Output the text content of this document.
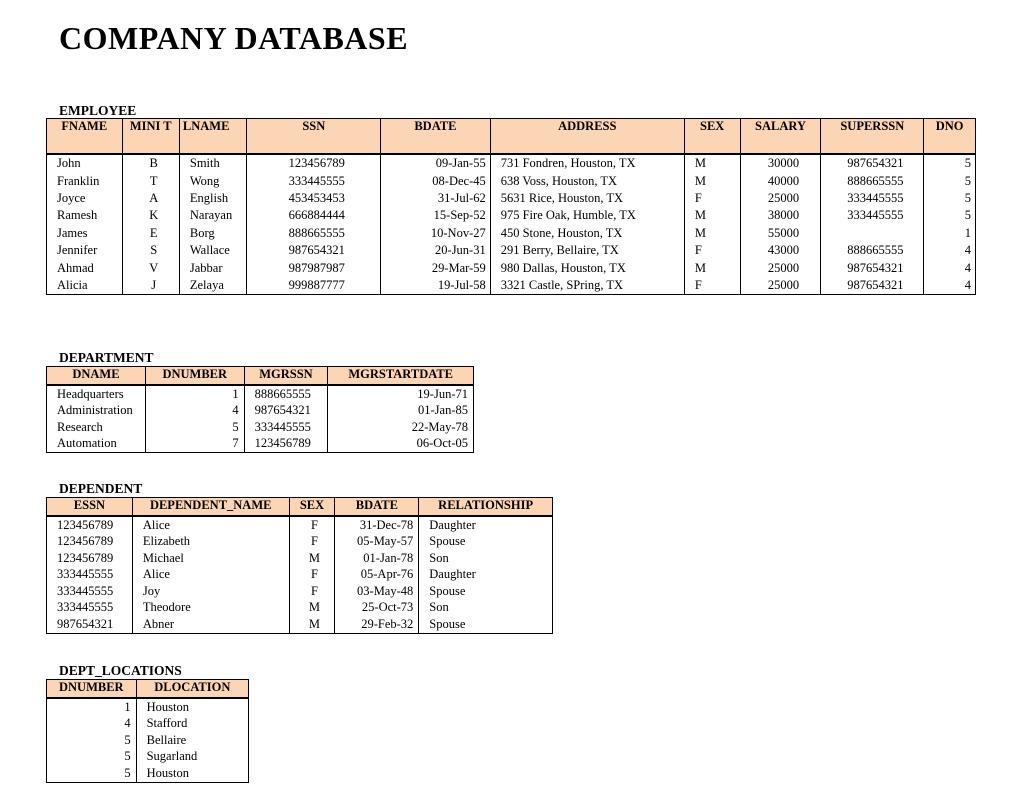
COMPANY DATABASE
EMPLOYEE
FNAME	MINI T	LNAME	SSN	BDATE	ADDRESS	SEX	SALARY	SUPERSSN	DNO
John	B	Smith	123456789	09-Jan-55	731 Fondren, Houston, TX	M	30000	987654321	5
Franklin	T	Wong	333445555	08-Dec-45	638 Voss, Houston, TX	M	40000	888665555	5
Joyce	A	English	453453453	31-Jul-62	5631 Rice, Houston, TX	F	25000	333445555	5
Ramesh	K	Narayan	666884444	15-Sep-52	975 Fire Oak, Humble, TX	M	38000	333445555	5
James	E	Borg	888665555	10-Nov-27	450 Stone, Houston, TX	M	55000		1
Jennifer	S	Wallace	987654321	20-Jun-31	291 Berry, Bellaire, TX	F	43000	888665555	4
Ahmad	V	Jabbar	987987987	29-Mar-59	980 Dallas, Houston, TX	M	25000	987654321	4
Alicia	J	Zelaya	999887777	19-Jul-58	3321 Castle, SPring, TX	F	25000	987654321	4
DEPARTMENT
DNAME	DNUMBER	MGRSSN	MGRSTARTDATE
Headquarters	1	888665555	19-Jun-71
Administration	4	987654321	01-Jan-85
Research	5	333445555	22-May-78
Automation	7	123456789	06-Oct-05
DEPENDENT
ESSN	DEPENDENT_NAME	SEX	BDATE	RELATIONSHIP
123456789	Alice	F	31-Dec-78	Daughter
123456789	Elizabeth	F	05-May-57	Spouse
123456789	Michael	M	01-Jan-78	Son
333445555	Alice	F	05-Apr-76	Daughter
333445555	Joy	F	03-May-48	Spouse
333445555	Theodore	M	25-Oct-73	Son
987654321	Abner	M	29-Feb-32	Spouse
DEPT_LOCATIONS
DNUMBER	DLOCATION
1	Houston
4	Stafford
5	Bellaire
5	Sugarland
5	Houston
